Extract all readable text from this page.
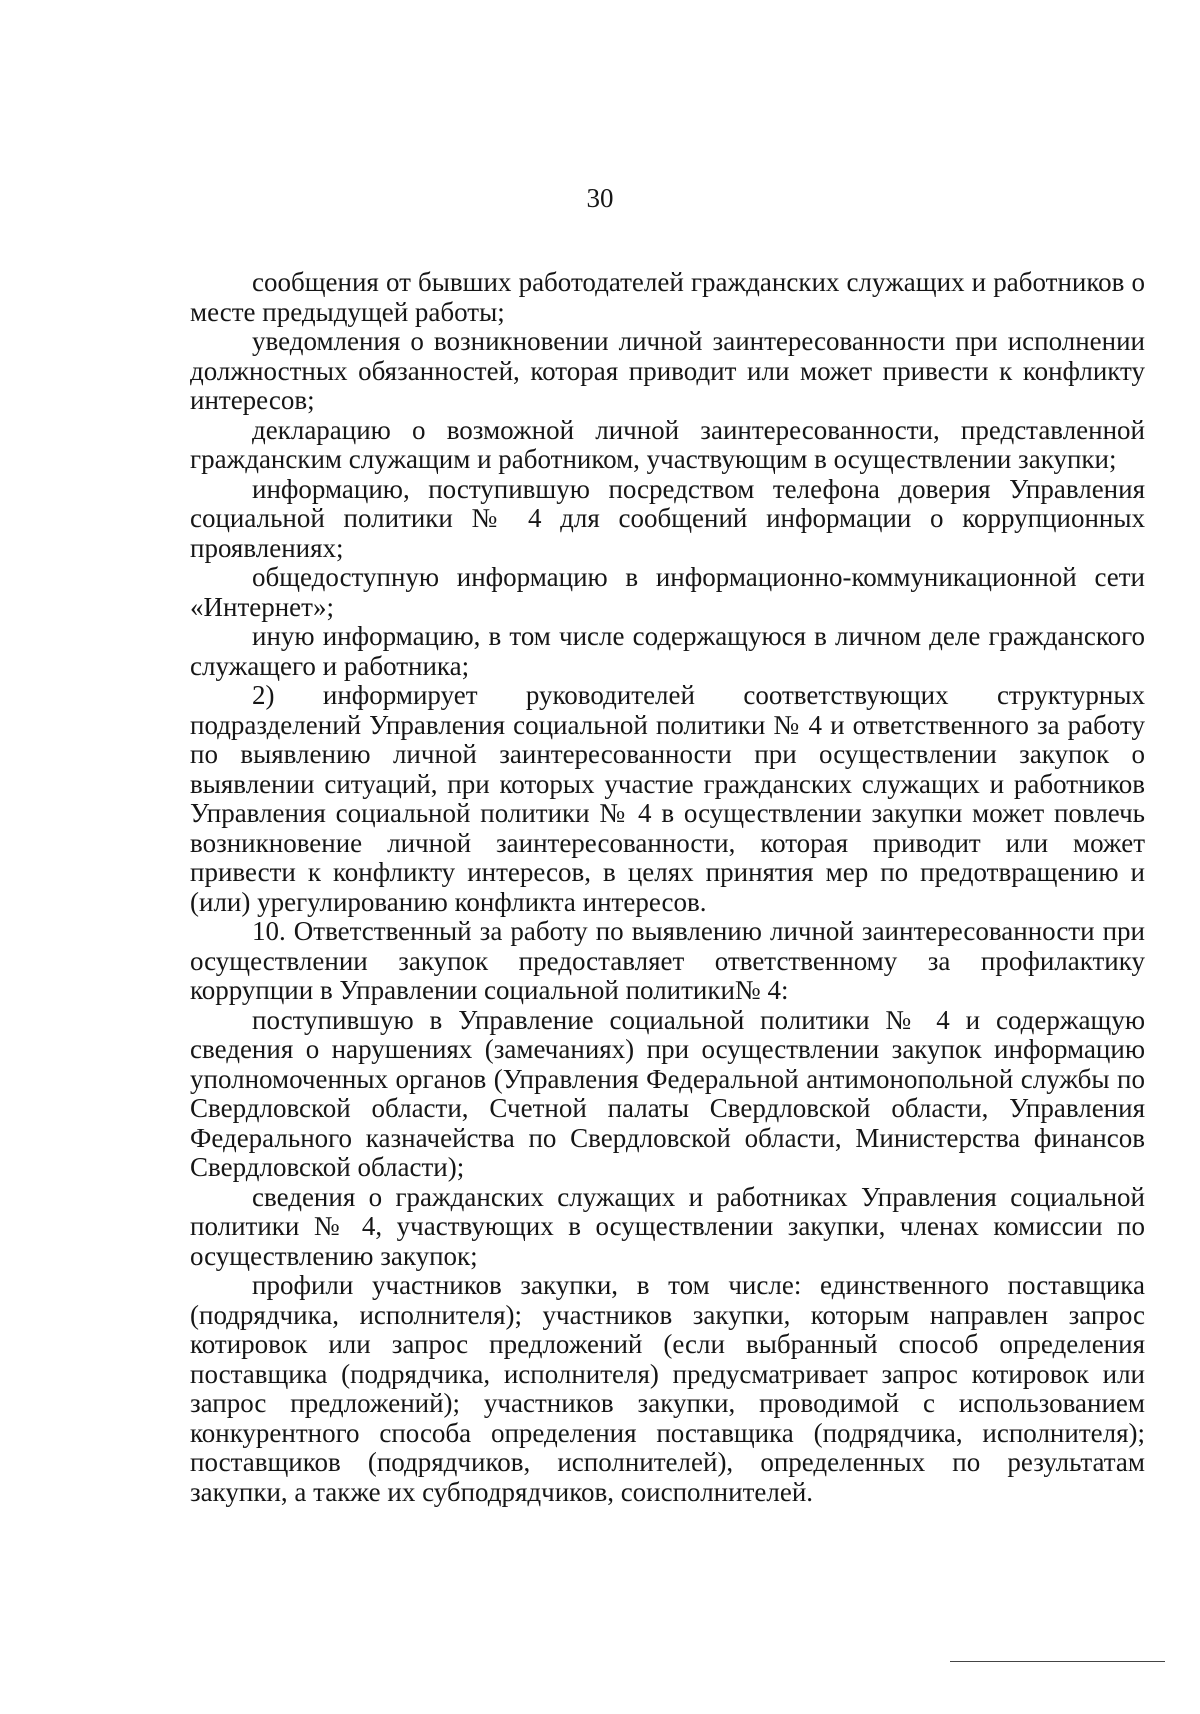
30

сообщения от бывших работодателей гражданских служащих и работников о месте предыдущей работы;

уведомления о возникновении личной заинтересованности при исполнении должностных обязанностей, которая приводит или может привести к конфликту интересов;

декларацию о возможной личной заинтересованности, представленной гражданским служащим и работником, участвующим в осуществлении закупки;

информацию, поступившую посредством телефона доверия Управления социальной политики № 4 для сообщений информации о коррупционных проявлениях;

общедоступную информацию в информационно-коммуникационной сети «Интернет»;

иную информацию, в том числе содержащуюся в личном деле гражданского служащего и работника;

2) информирует руководителей соответствующих структурных подразделений Управления социальной политики № 4 и ответственного за работу по выявлению личной заинтересованности при осуществлении закупок о выявлении ситуаций, при которых участие гражданских служащих и работников Управления социальной политики № 4 в осуществлении закупки может повлечь возникновение личной заинтересованности, которая приводит или может привести к конфликту интересов, в целях принятия мер по предотвращению и (или) урегулированию конфликта интересов.

10. Ответственный за работу по выявлению личной заинтересованности при осуществлении закупок предоставляет ответственному за профилактику коррупции в Управлении социальной политики№ 4:

поступившую в Управление социальной политики № 4 и содержащую сведения о нарушениях (замечаниях) при осуществлении закупок информацию уполномоченных органов (Управления Федеральной антимонопольной службы по Свердловской области, Счетной палаты Свердловской области, Управления Федерального казначейства по Свердловской области, Министерства финансов Свердловской области);

сведения о гражданских служащих и работниках Управления социальной политики № 4, участвующих в осуществлении закупки, членах комиссии по осуществлению закупок;

профили участников закупки, в том числе: единственного поставщика (подрядчика, исполнителя); участников закупки, которым направлен запрос котировок или запрос предложений (если выбранный способ определения поставщика (подрядчика, исполнителя) предусматривает запрос котировок или запрос предложений); участников закупки, проводимой с использованием конкурентного способа определения поставщика (подрядчика, исполнителя); поставщиков (подрядчиков, исполнителей), определенных по результатам закупки, а также их субподрядчиков, соисполнителей.
